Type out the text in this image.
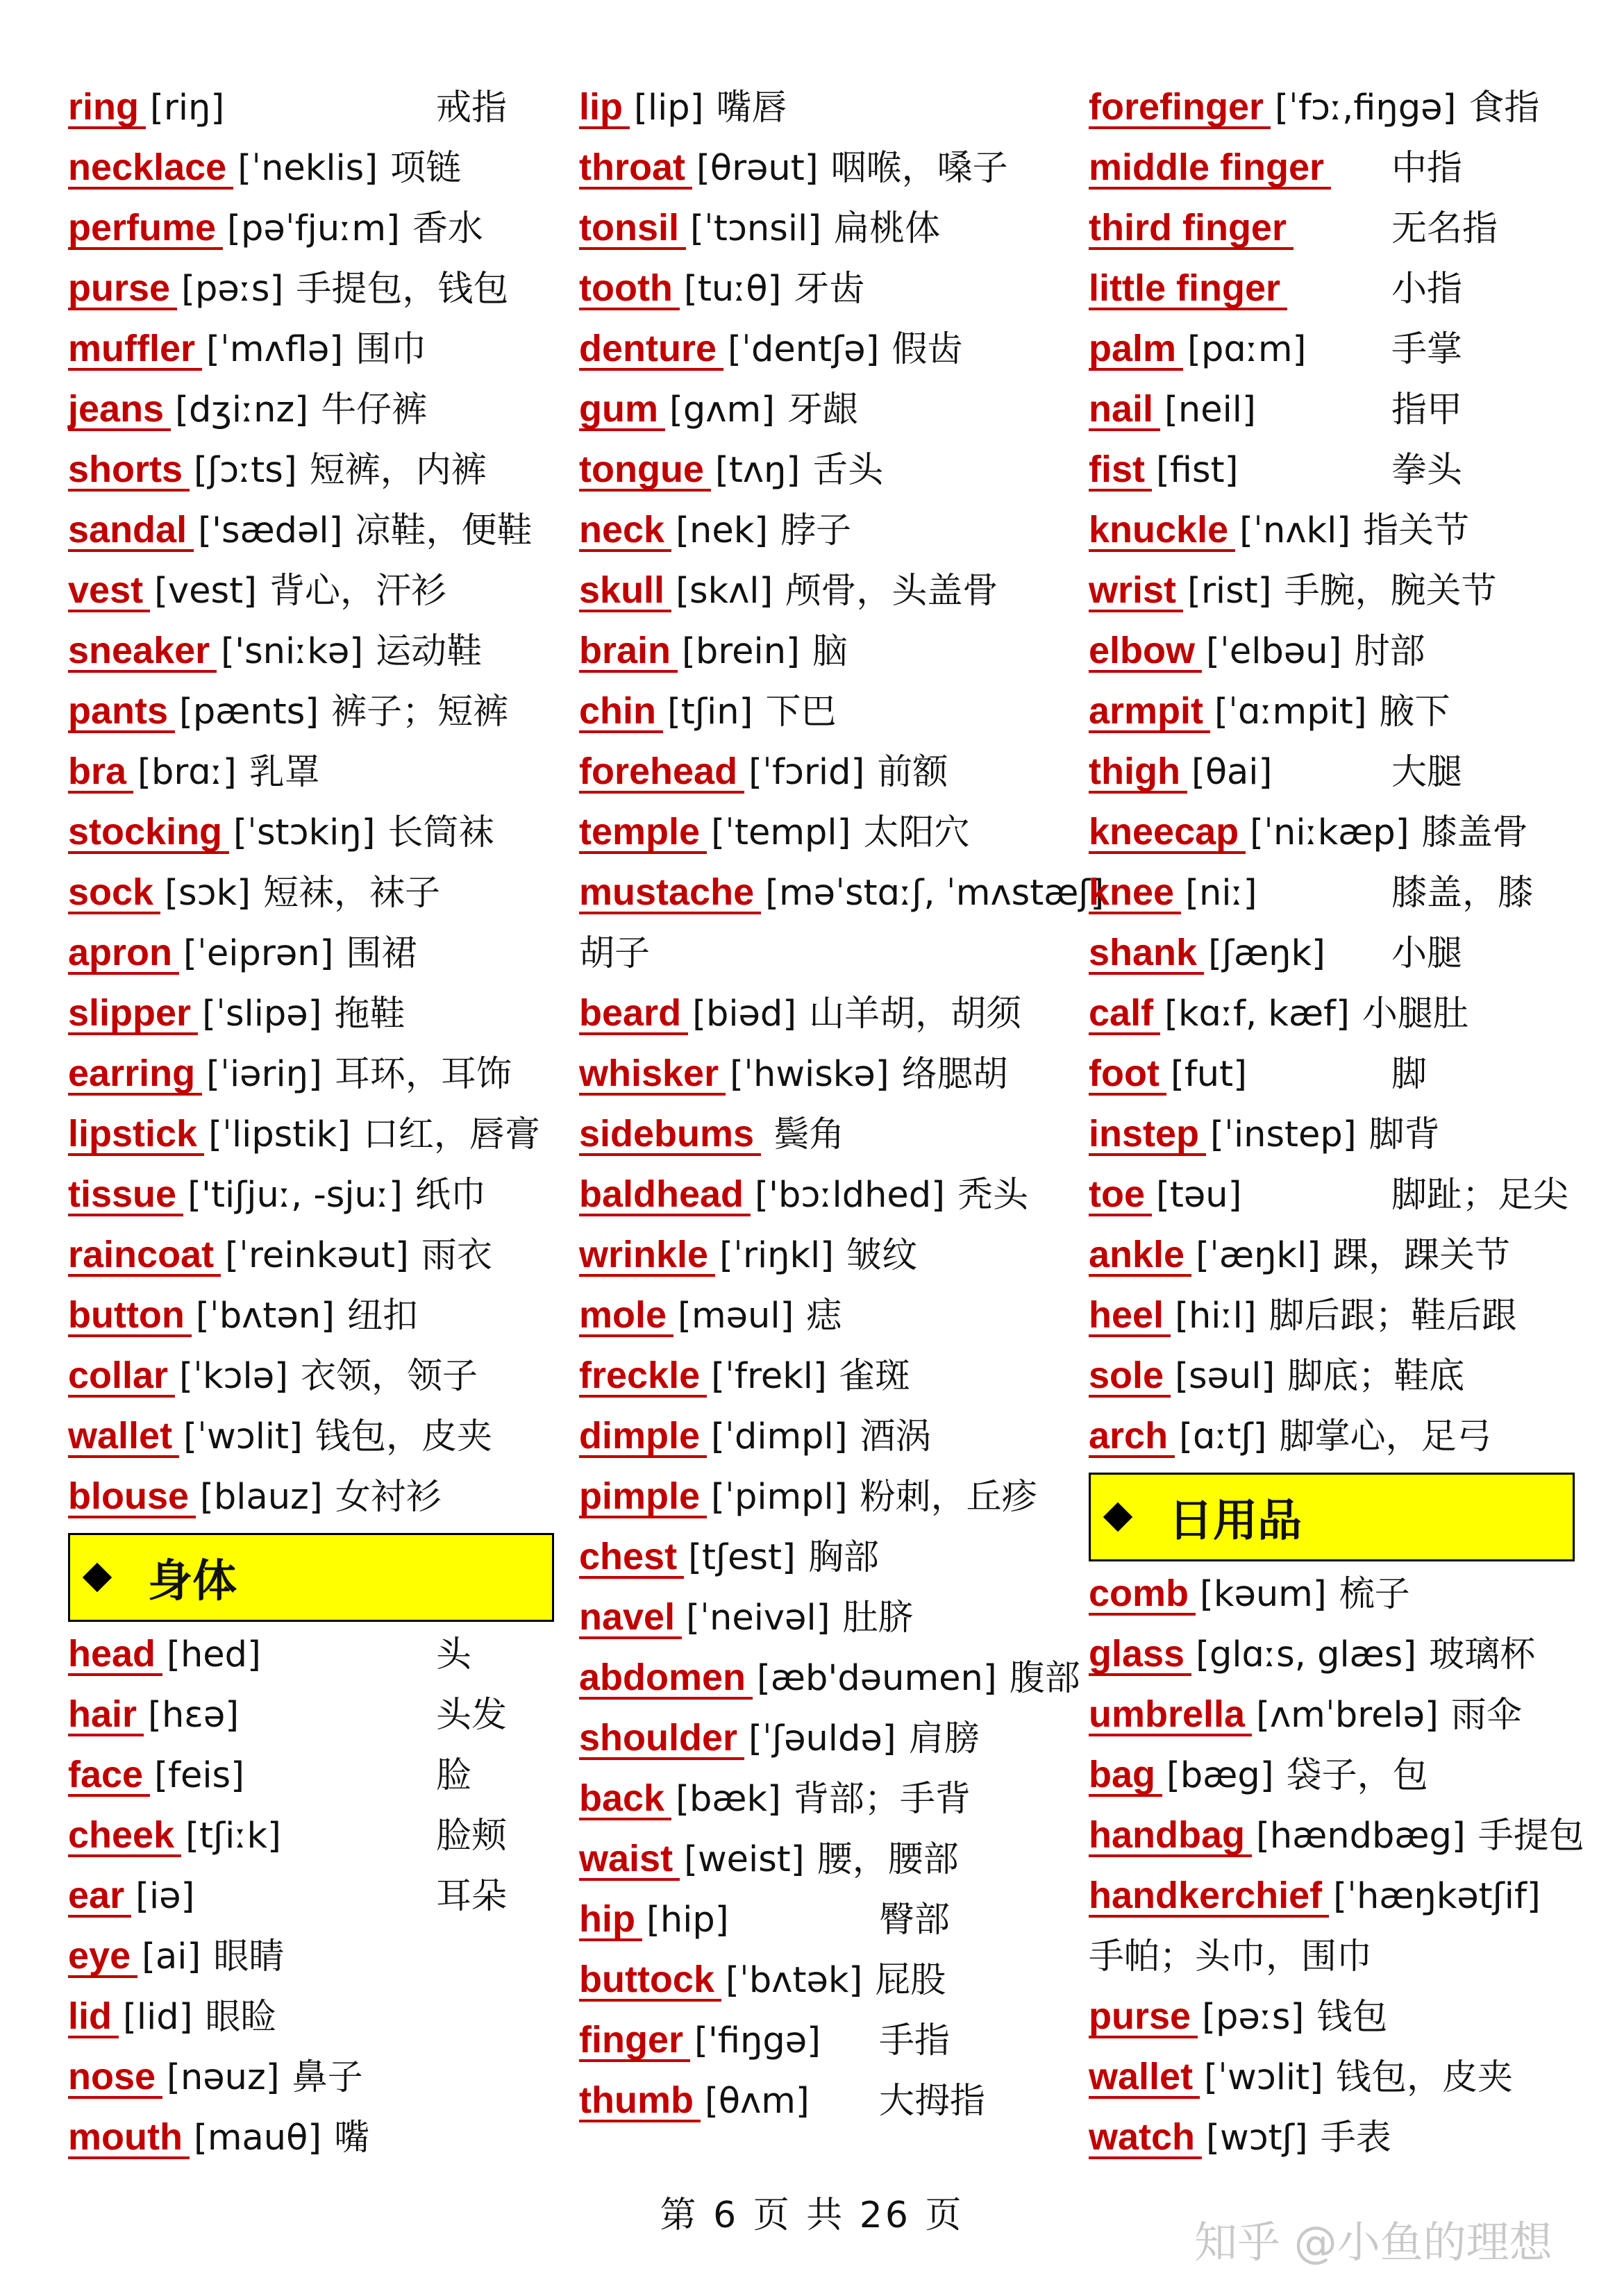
ring [riŋ]	戒指
necklace [ˈneklis] 项链
perfume [pəˈfjuːm] 香水
purse [pəːs] 手提包，钱包
muffler [ˈmʌflə] 围巾
jeans [dʒiːnz] 牛仔裤
shorts [ʃɔːts] 短裤，内裤
sandal ['sædəl] 凉鞋，便鞋
vest [vest] 背心，汗衫
sneaker ['sniːkə] 运动鞋
pants [pænts] 裤子；短裤
bra [brɑː] 乳罩
stocking [ˈstɔkiŋ] 长筒袜
sock [sɔk] 短袜，袜子
apron [ˈeiprən] 围裙
slipper [ˈslipə] 拖鞋
earring [ˈiəriŋ] 耳环，耳饰
lipstick [ˈlipstik] 口红，唇膏
tissue ['tiʃjuː, -sjuː] 纸巾
raincoat [ˈreinkəut] 雨衣
button [ˈbʌtən] 纽扣
collar [ˈkɔlə] 衣领，领子
wallet [ˈwɔlit] 钱包，皮夹
blouse [blauz] 女衬衫
身体
head [hed]	头
hair [hɛə]	头发
face [feis]	脸
cheek [tʃiːk]	脸颊
ear [iə]	耳朵
eye [ai] 眼睛
lid [lid] 眼睑
nose [nəuz] 鼻子
mouth [mauθ] 嘴
lip [lip] 嘴唇
throat [θrəut] 咽喉，嗓子
tonsil [ˈtɔnsil] 扁桃体
tooth [tuːθ] 牙齿
denture [ˈdentʃə] 假齿
gum [gʌm] 牙龈
tongue [tʌŋ] 舌头
neck [nek] 脖子
skull [skʌl] 颅骨，头盖骨
brain [brein] 脑
chin [tʃin] 下巴
forehead [ˈfɔrid] 前额
temple [ˈtempl] 太阳穴
mustache [məˈstɑːʃ, ˈmʌstæʃ]
胡子
beard [biəd] 山羊胡，胡须
whisker [ˈhwiskə] 络腮胡
sidebums 鬓角
baldhead ['bɔːldhed] 秃头
wrinkle [ˈriŋkl] 皱纹
mole [məul] 痣
freckle [ˈfrekl] 雀斑
dimple [ˈdimpl] 酒涡
pimple [ˈpimpl] 粉刺，丘疹
chest [tʃest] 胸部
navel [ˈneivəl] 肚脐
abdomen [æb'dəumen] 腹部
shoulder [ˈʃəuldə] 肩膀
back [bæk] 背部；手背
waist [weist] 腰，腰部
hip [hip]	臀部
buttock [ˈbʌtək] 屁股
finger ['fiŋgə] 手指
thumb [θʌm] 大拇指
forefinger [ˈfɔː,fiŋgə] 食指
middle finger 中指
third finger	无名指
little finger	小指
palm [pɑːm] 手掌
nail [neil]	指甲
fist [fist]	拳头
knuckle [ˈnʌkl] 指关节
wrist [rist] 手腕，腕关节
elbow [ˈelbəu] 肘部
armpit [ˈɑːmpit] 腋下
thigh [θai]	大腿
kneecap [ˈniːkæp] 膝盖骨
knee [niː]	膝盖，膝
shank [ʃæŋk] 小腿
calf [kɑːf, kæf] 小腿肚
foot [fut]	脚
instep [ˈinstep] 脚背
toe [təu]	脚趾；足尖
ankle [ˈæŋkl] 踝，踝关节
heel [hiːl] 脚后跟；鞋后跟
sole [səul] 脚底；鞋底
arch [ɑːtʃ] 脚掌心，足弓
日用品
comb [kəum] 梳子
glass [glɑːs, glæs] 玻璃杯
umbrella [ʌmˈbrelə] 雨伞
bag [bæg] 袋子，包
handbag [hændbæg] 手提包
handkerchief [ˈhæŋkətʃif]
手帕；头巾，围巾
purse [pəːs] 钱包
wallet [ˈwɔlit] 钱包，皮夹
watch [wɔtʃ] 手表
第 6 页 共 26 页
知乎 @小鱼的理想
